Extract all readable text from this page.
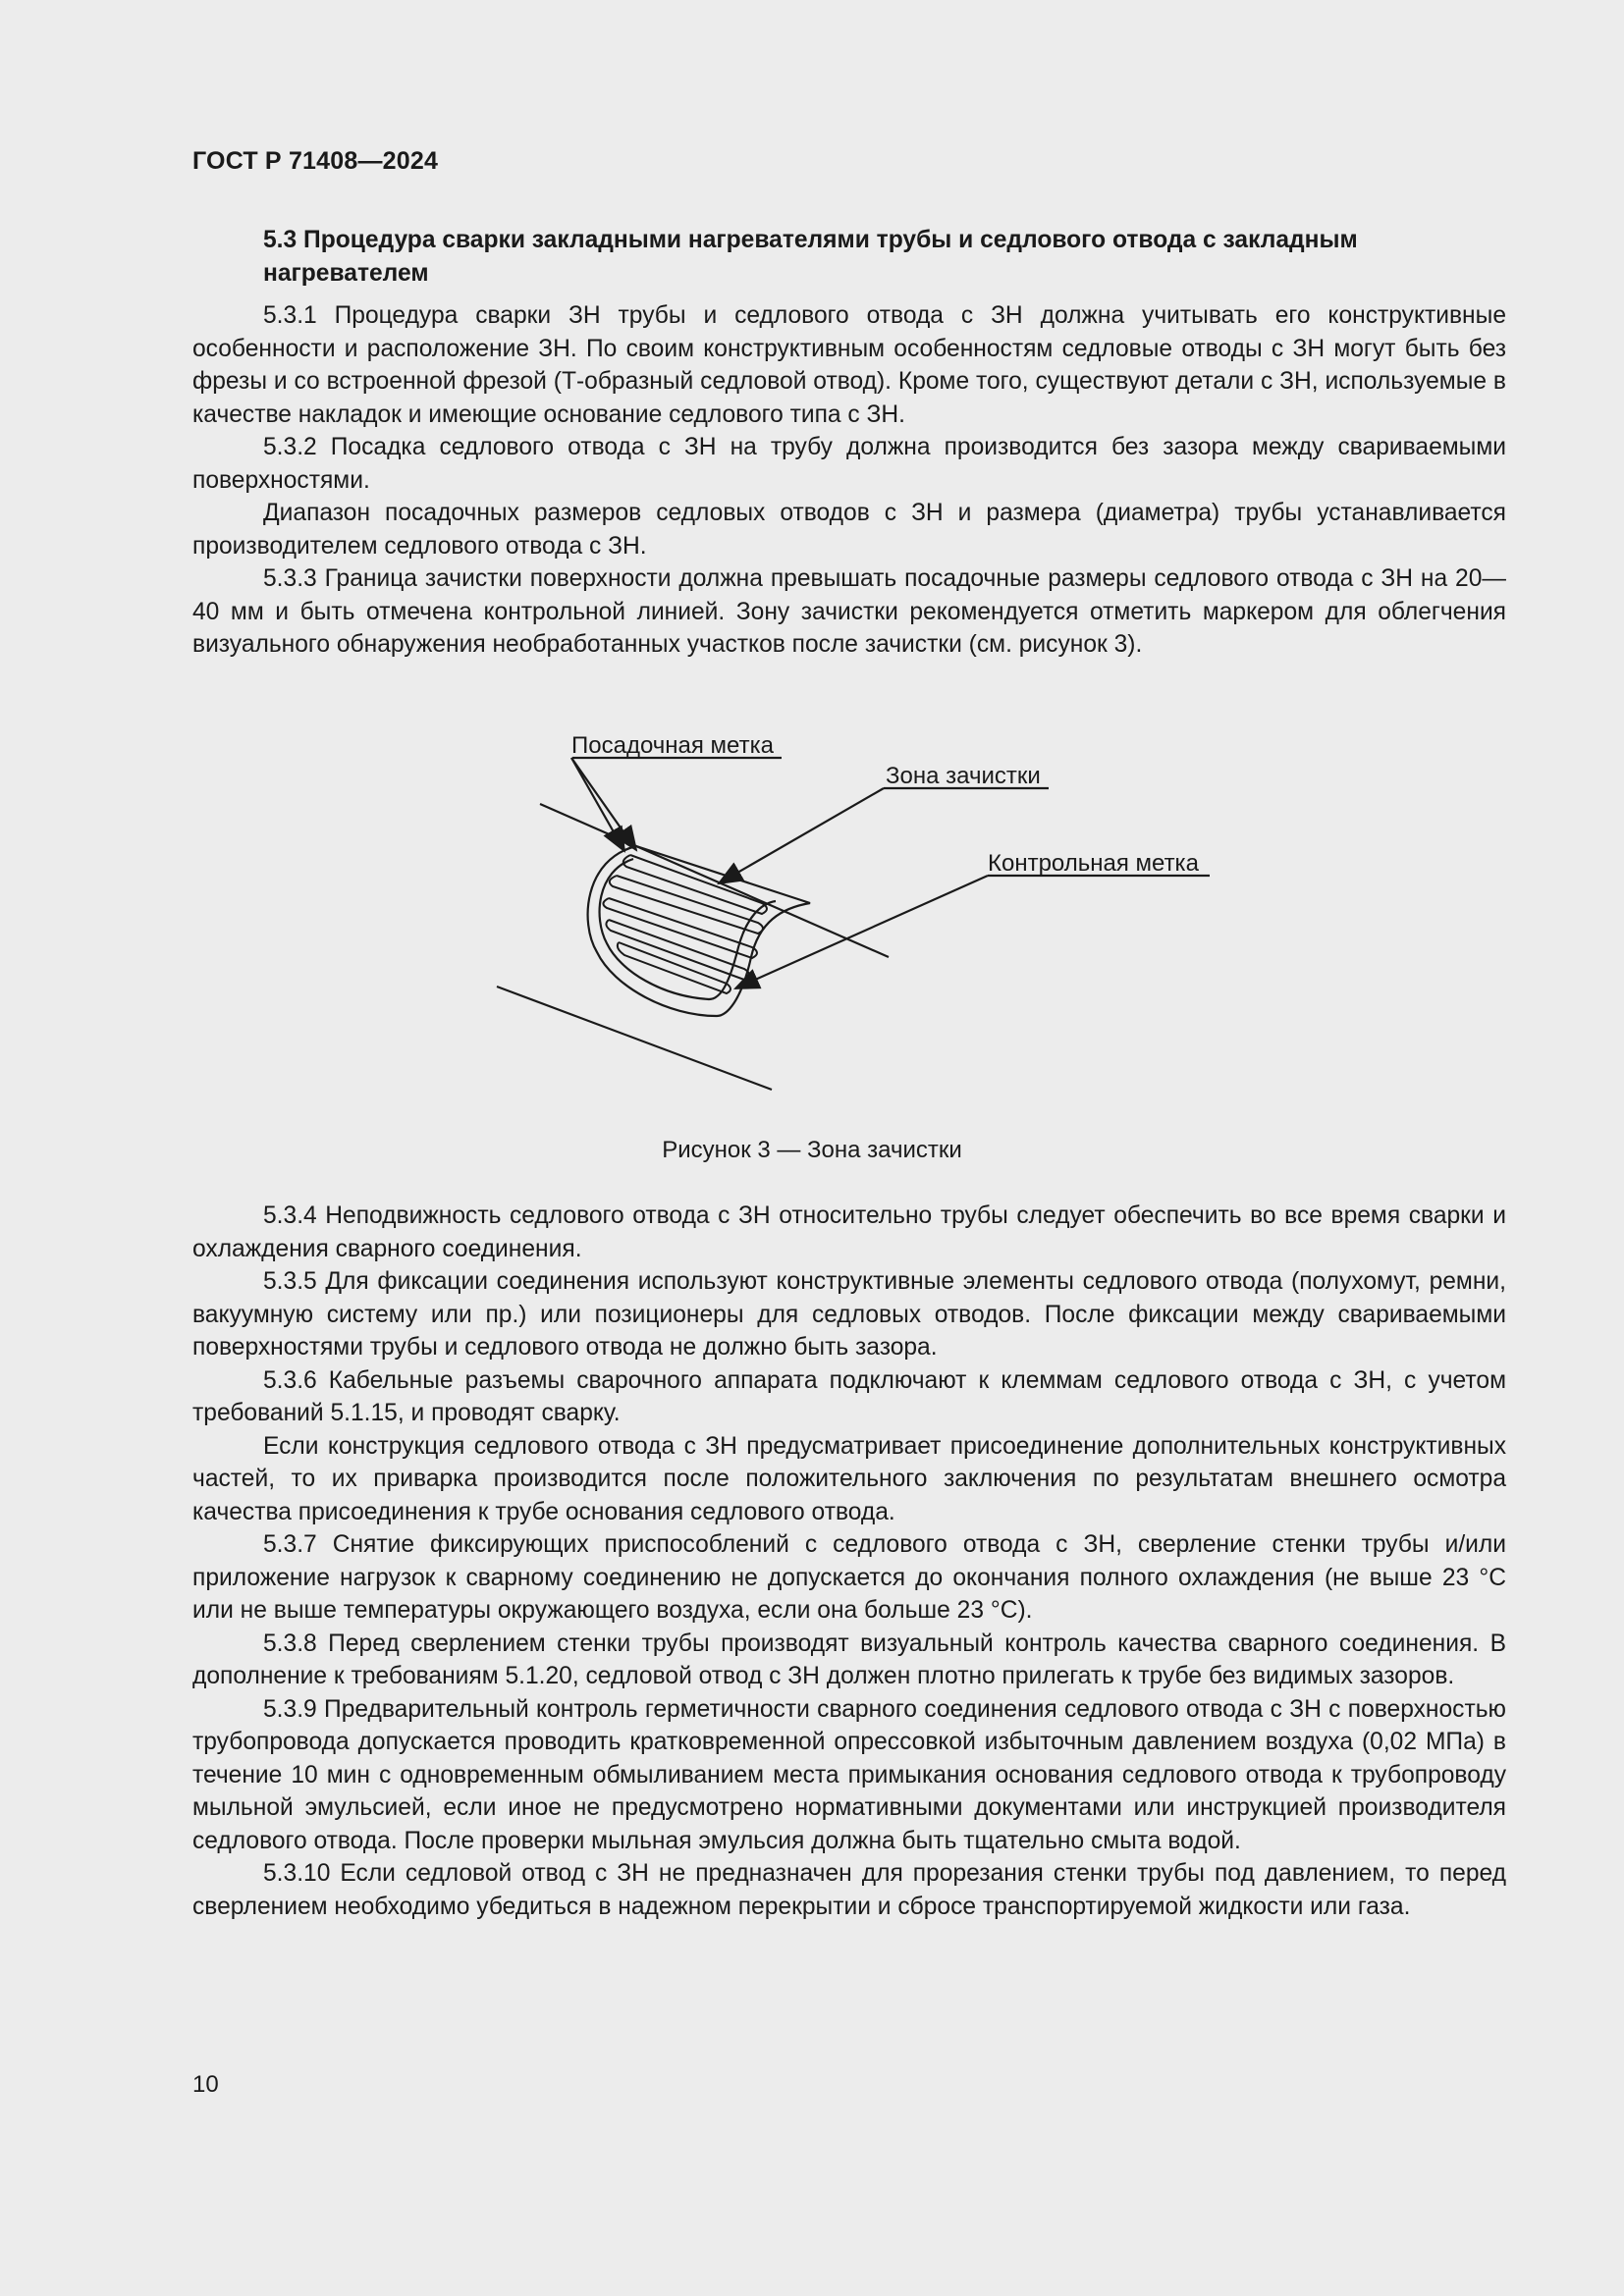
ГОСТ Р 71408—2024

5.3 Процедура сварки закладными нагревателями трубы и седлового отвода с закладным нагревателем

5.3.1 Процедура сварки ЗН трубы и седлового отвода с ЗН должна учитывать его конструктивные особенности и расположение ЗН. По своим конструктивным особенностям седловые отводы с ЗН могут быть без фрезы и со встроенной фрезой (Т-образный седловой отвод). Кроме того, существуют детали с ЗН, используемые в качестве накладок и имеющие основание седлового типа с ЗН.

5.3.2 Посадка седлового отвода с ЗН на трубу должна производится без зазора между свариваемыми поверхностями.

Диапазон посадочных размеров седловых отводов с ЗН и размера (диаметра) трубы устанавливается производителем седлового отвода с ЗН.

5.3.3 Граница зачистки поверхности должна превышать посадочные размеры седлового отвода с ЗН на 20—40 мм и быть отмечена контрольной линией. Зону зачистки рекомендуется отметить маркером для облегчения визуального обнаружения необработанных участков после зачистки (см. рисунок 3).

Посадочная метка
Зона зачистки
Контрольная метка
Рисунок 3 — Зона зачистки

5.3.4 Неподвижность седлового отвода с ЗН относительно трубы следует обеспечить во все время сварки и охлаждения сварного соединения.

5.3.5 Для фиксации соединения используют конструктивные элементы седлового отвода (полухомут, ремни, вакуумную систему или пр.) или позиционеры для седловых отводов. После фиксации между свариваемыми поверхностями трубы и седлового отвода не должно быть зазора.

5.3.6 Кабельные разъемы сварочного аппарата подключают к клеммам седлового отвода с ЗН, с учетом требований 5.1.15, и проводят сварку.

Если конструкция седлового отвода с ЗН предусматривает присоединение дополнительных конструктивных частей, то их приварка производится после положительного заключения по результатам внешнего осмотра качества присоединения к трубе основания седлового отвода.

5.3.7 Снятие фиксирующих приспособлений с седлового отвода с ЗН, сверление стенки трубы и/или приложение нагрузок к сварному соединению не допускается до окончания полного охлаждения (не выше 23 °С или не выше температуры окружающего воздуха, если она больше 23 °С).

5.3.8 Перед сверлением стенки трубы производят визуальный контроль качества сварного соединения. В дополнение к требованиям 5.1.20, седловой отвод с ЗН должен плотно прилегать к трубе без видимых зазоров.

5.3.9 Предварительный контроль герметичности сварного соединения седлового отвода с ЗН с поверхностью трубопровода допускается проводить кратковременной опрессовкой избыточным давлением воздуха (0,02 МПа) в течение 10 мин с одновременным обмыливанием места примыкания основания седлового отвода к трубопроводу мыльной эмульсией, если иное не предусмотрено нормативными документами или инструкцией производителя седлового отвода. После проверки мыльная эмульсия должна быть тщательно смыта водой.

5.3.10 Если седловой отвод с ЗН не предназначен для прорезания стенки трубы под давлением, то перед сверлением необходимо убедиться в надежном перекрытии и сбросе транспортируемой жидкости или газа.

10
